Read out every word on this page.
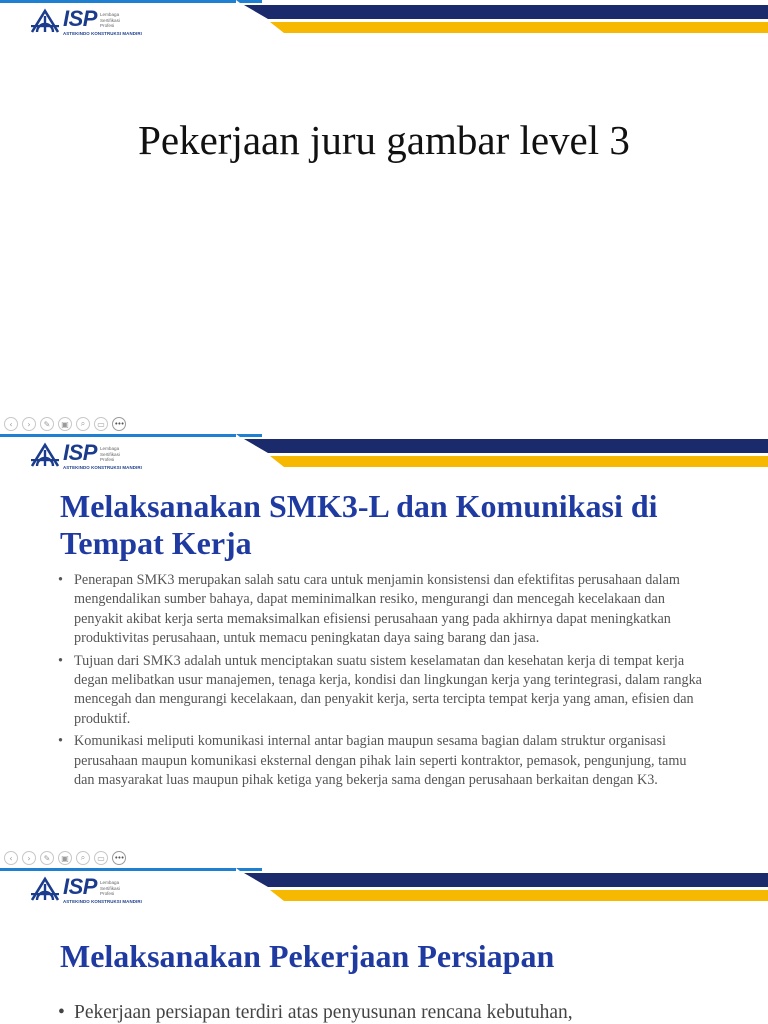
ISP Lembaga
Sertifikasi
Profesi
ASTEKINDO KONSTRUKSI MANDIRI
Pekerjaan juru gambar level 3
‹	›	✎	▣	⌕	▭	•••
ISP Lembaga
Sertifikasi
Profesi
ASTEKINDO KONSTRUKSI MANDIRI
Melaksanakan SMK3-L dan Komunikasi di Tempat Kerja
• Penerapan SMK3 merupakan salah satu cara untuk menjamin konsistensi dan efektifitas perusahaan dalam mengendalikan sumber bahaya, dapat meminimalkan resiko, mengurangi dan mencegah kecelakaan dan penyakit akibat kerja serta memaksimalkan efisiensi perusahaan yang pada akhirnya dapat meningkatkan produktivitas perusahaan, untuk memacu peningkatan daya saing barang dan jasa.
• Tujuan dari SMK3 adalah untuk menciptakan suatu sistem keselamatan dan kesehatan kerja di tempat kerja degan melibatkan usur manajemen, tenaga kerja, kondisi dan lingkungan kerja yang terintegrasi, dalam rangka mencegah dan mengurangi kecelakaan, dan penyakit kerja, serta tercipta tempat kerja yang aman, efisien dan produktif.
• Komunikasi meliputi komunikasi internal antar bagian maupun sesama bagian dalam struktur organisasi perusahaan maupun komunikasi eksternal dengan pihak lain seperti kontraktor, pemasok, pengunjung, tamu dan masyarakat luas maupun pihak ketiga yang bekerja sama dengan perusahaan berkaitan dengan K3.
‹	›	✎	▣	⌕	▭	•••
ISP Lembaga
Sertifikasi
Profesi
ASTEKINDO KONSTRUKSI MANDIRI
Melaksanakan Pekerjaan Persiapan
• Pekerjaan persiapan terdiri atas penyusunan rencana kebutuhan,
